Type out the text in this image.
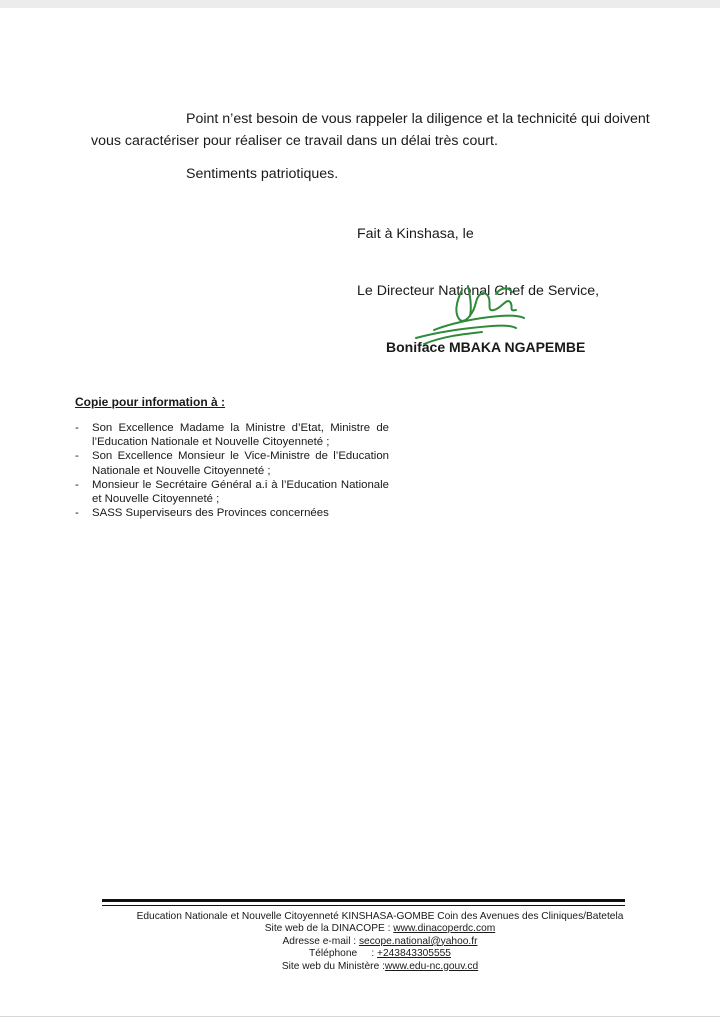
Point n’est besoin de vous rappeler la diligence et la technicité qui doivent vous caractériser pour réaliser ce travail dans un délai très court.

Sentiments patriotiques.
Fait à Kinshasa, le
Le Directeur National Chef de Service,
Boniface MBAKA NGAPEMBE
Copie pour information à :
- Son Excellence Madame la Ministre d’Etat, Ministre de l’Education Nationale et Nouvelle Citoyenneté ;
- Son Excellence Monsieur le Vice-Ministre de l’Education Nationale et Nouvelle Citoyenneté ;
- Monsieur le Secrétaire Général a.i à l’Education Nationale et Nouvelle Citoyenneté ;
- SASS Superviseurs des Provinces concernées
Education Nationale et Nouvelle Citoyenneté KINSHASA-GOMBE Coin des Avenues des Cliniques/Batetela
Site web de la DINACOPE : www.dinacoperdc.com
Adresse e-mail : secope.national@yahoo.fr
Téléphone     : +243843305555
Site web du Ministère :www.edu-nc.gouv.cd
